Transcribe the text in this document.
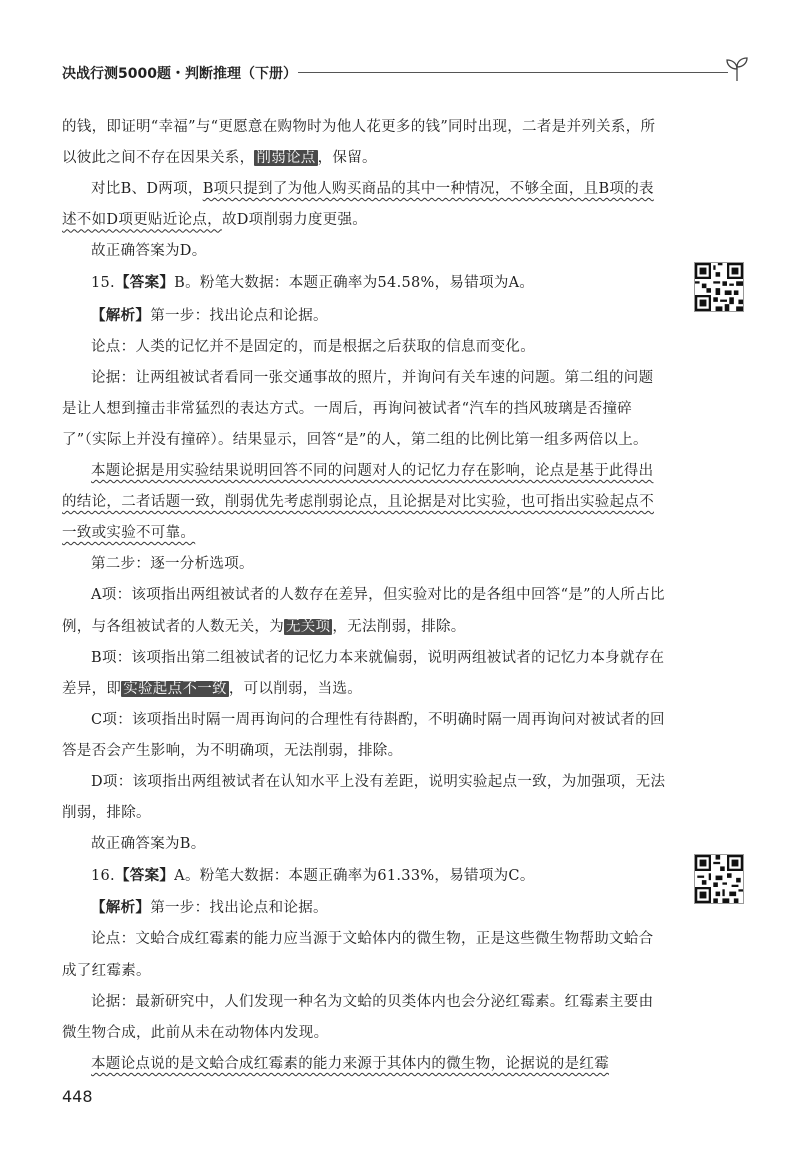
决战行测5000题・判断推理（下册）

的钱，即证明“幸福”与“更愿意在购物时为他人花更多的钱”同时出现，二者是并列关系，所以彼此之间不存在因果关系， 削弱论点 ，保留。

对比B、D两项，B项只提到了为他人购买商品的其中一种情况，不够全面，且B项的表述不如D项更贴近论点，故D项削弱力度更强。

故正确答案为D。

15.【答案】B。粉笔大数据：本题正确率为54.58%，易错项为A。

【解析】第一步：找出论点和论据。

论点：人类的记忆并不是固定的，而是根据之后获取的信息而变化。

论据：让两组被试者看同一张交通事故的照片，并询问有关车速的问题。第二组的问题是让人想到撞击非常猛烈的表达方式。一周后，再询问被试者“汽车的挡风玻璃是否撞碎了”（实际上并没有撞碎）。结果显示，回答“是”的人，第二组的比例比第一组多两倍以上。

本题论据是用实验结果说明回答不同的问题对人的记忆力存在影响，论点是基于此得出的结论，二者话题一致，削弱优先考虑削弱论点，且论据是对比实验，也可指出实验起点不一致或实验不可靠。

第二步：逐一分析选项。

A项：该项指出两组被试者的人数存在差异，但实验对比的是各组中回答“是”的人所占比例，与各组被试者的人数无关，为 无关项 ，无法削弱，排除。

B项：该项指出第二组被试者的记忆力本来就偏弱，说明两组被试者的记忆力本身就存在差异，即 实验起点不一致 ，可以削弱，当选。

C项：该项指出时隔一周再询问的合理性有待斟酌，不明确时隔一周再询问对被试者的回答是否会产生影响，为不明确项，无法削弱，排除。

D项：该项指出两组被试者在认知水平上没有差距，说明实验起点一致，为加强项，无法削弱，排除。

故正确答案为B。

16.【答案】A。粉笔大数据：本题正确率为61.33%，易错项为C。

【解析】第一步：找出论点和论据。

论点：文蛤合成红霉素的能力应当源于文蛤体内的微生物，正是这些微生物帮助文蛤合成了红霉素。

论据：最新研究中，人们发现一种名为文蛤的贝类体内也会分泌红霉素。红霉素主要由微生物合成，此前从未在动物体内发现。

本题论点说的是文蛤合成红霉素的能力来源于其体内的微生物，论据说的是红霉

448
